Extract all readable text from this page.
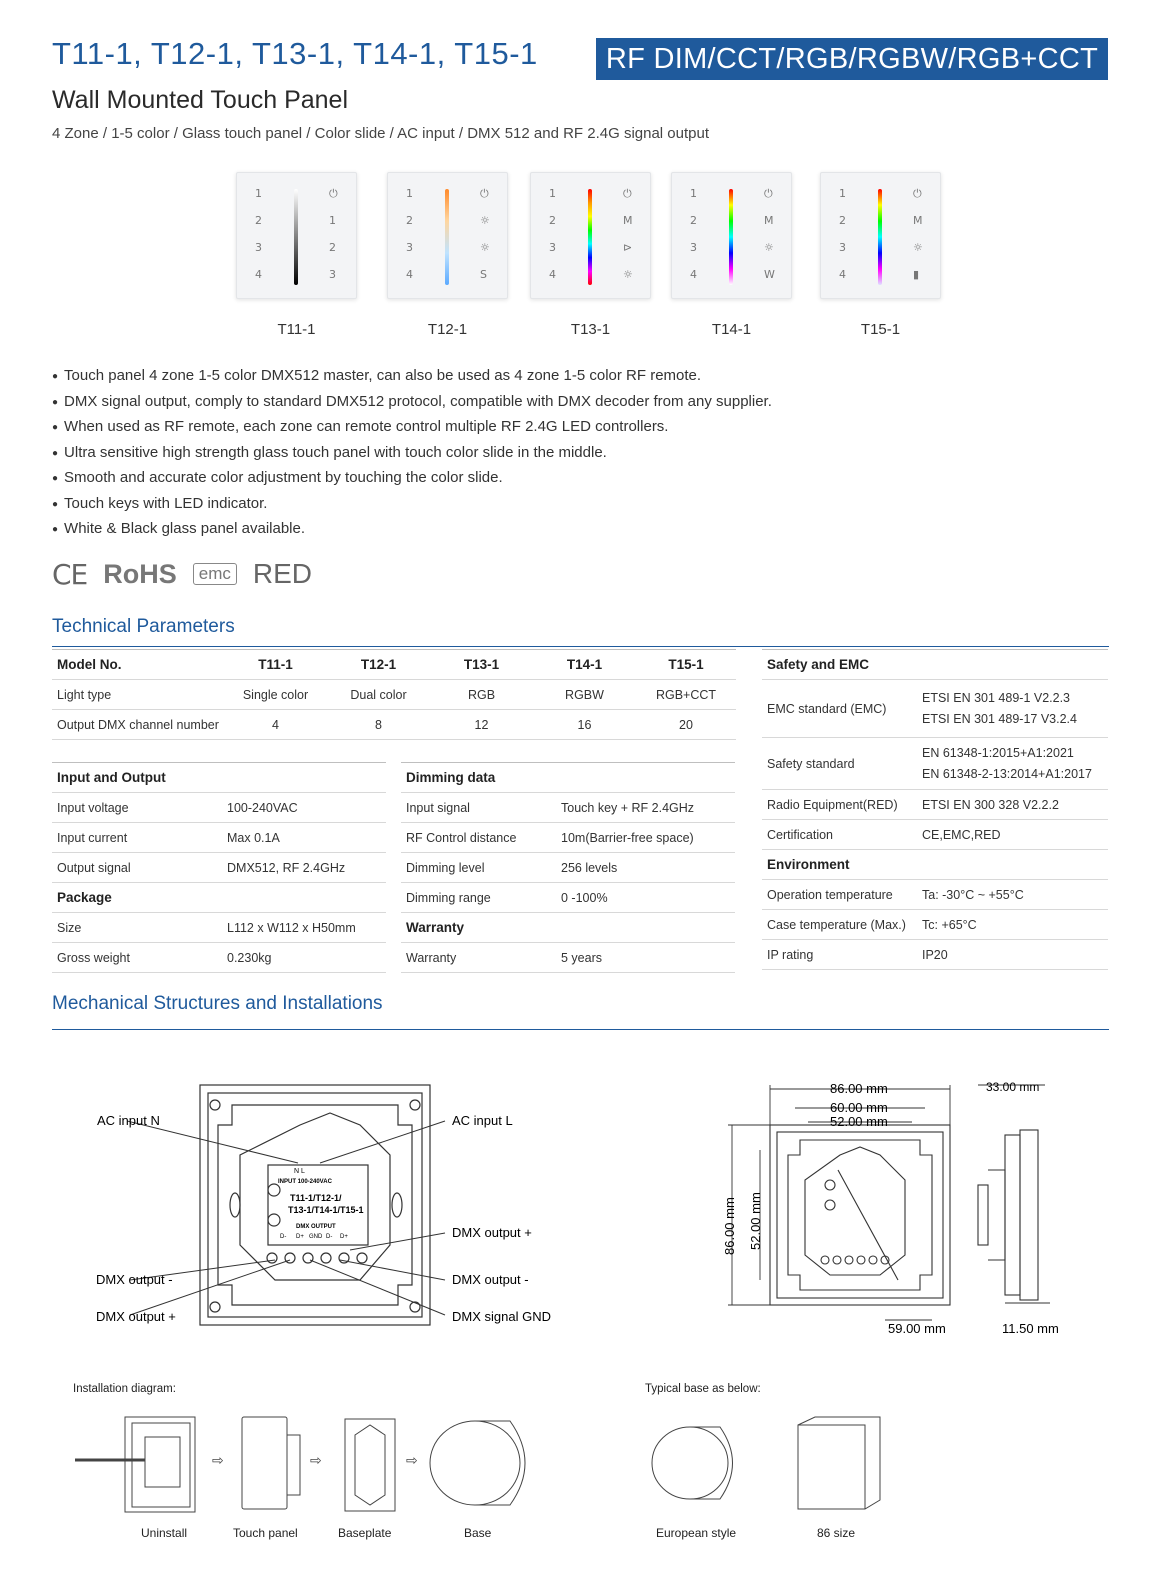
T11-1, T12-1, T13-1, T14-1, T15-1	RF DIM/CCT/RGB/RGBW/RGB+CCT
Wall Mounted Touch Panel
4 Zone / 1-5 color / Glass touch panel / Color slide / AC input / DMX 512 and RF 2.4G signal output
1
2
3
4
⏻
1
2
3
T11-1
1
2
3
4
⏻
☼
☼
S
T12-1
1
2
3
4
⏻
M
⊳
☼
T13-1
1
2
3
4
⏻
M
☼
W
T14-1
1
2
3
4
⏻
M
☼
▮
T15-1
● Touch panel 4 zone 1-5 color DMX512 master, can also be used as 4 zone 1-5 color RF remote.
● DMX signal output, comply to standard DMX512 protocol, compatible with DMX decoder from any supplier.
● When used as RF remote, each zone can remote control multiple RF 2.4G LED controllers.
● Ultra sensitive high strength glass touch panel with touch color slide in the middle.
● Smooth and accurate color adjustment by touching the color slide.
● Touch keys with LED indicator.
● White & Black glass panel available.
CE RoHS	emc RED
Technical Parameters
Model No.	T11-1	T12-1	T13-1	T14-1	T15-1
Light type	Single color	Dual color	RGB	RGBW	RGB+CCT
Output DMX channel number	4	8	12	16	20
Input and Output	
Input voltage	100-240VAC
Input current	Max 0.1A
Output signal	DMX512, RF 2.4GHz
Package	
Size	L112 x W112 x H50mm
Gross weight	0.230kg
Dimming data	
Input signal	Touch key + RF 2.4GHz
RF Control distance	10m(Barrier-free space)
Dimming level	256 levels
Dimming range	0 -100%
Warranty	
Warranty	5 years
Safety and EMC	
EMC standard (EMC)	ETSI EN 301 489-1 V2.2.3
ETSI EN 301 489-17 V3.2.4

Safety standard	EN 61348-1:2015+A1:2021
EN 61348-2-13:2014+A1:2017

Radio Equipment(RED)	ETSI EN 300 328 V2.2.2
Certification	CE,EMC,RED
Environment	
Operation temperature	Ta: -30°C ~ +55°C
Case temperature (Max.)	Tc: +65°C
IP rating	IP20
Mechanical Structures and Installations
N L
INPUT 100-240VAC
T11-1/T12-1/
T13-1/T14-1/T15-1
DMX OUTPUT
D- D+ GND D- D+
AC input N	AC input L
DMX output +
DMX output -	DMX output -
DMX output +	DMX signal GND
86.00 mm
60.00 mm
52.00 mm
33.00 mm
86.00 mm 52.00 mm
59.00 mm	11.50 mm
Installation diagram:	Typical base as below:
⇨	⇨	⇨
Uninstall	Touch panel	Baseplate	Base	European style	86 size
